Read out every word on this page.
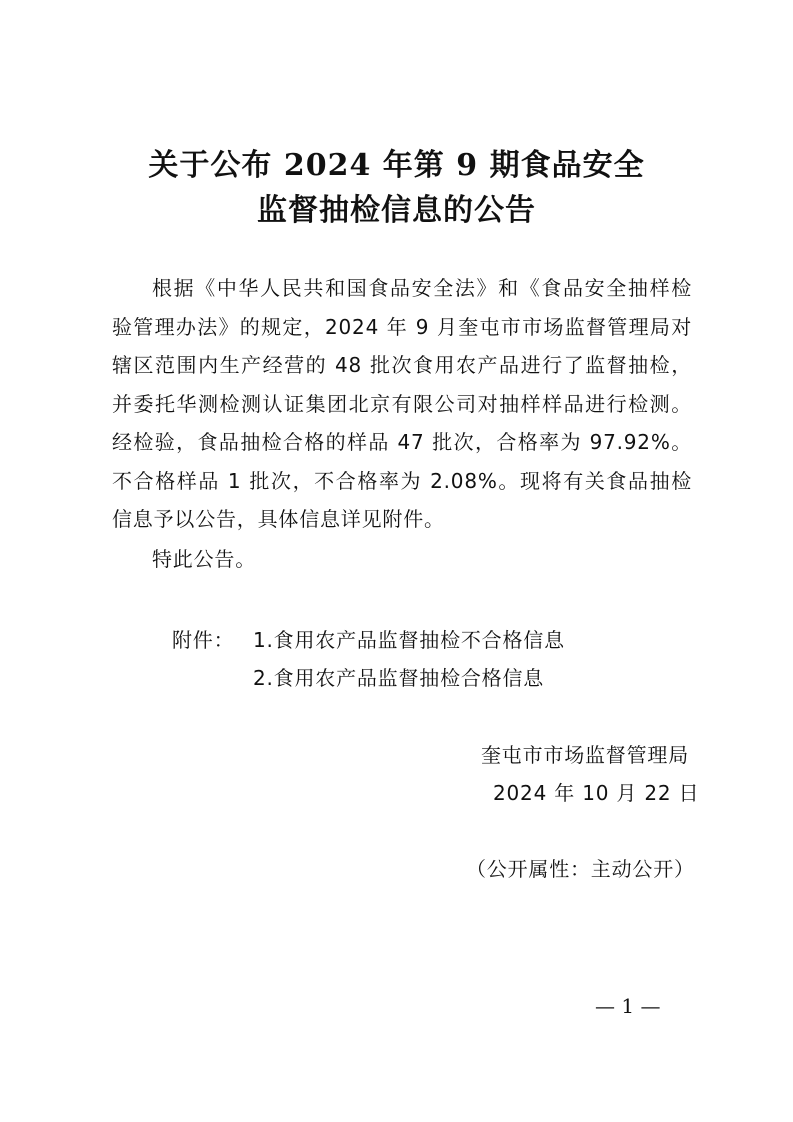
关于公布 2024 年第 9 期食品安全
监督抽检信息的公告

根据《中华人民共和国食品安全法》和《食品安全抽样检验管理办法》的规定，2024 年 9 月奎屯市市场监督管理局对辖区范围内生产经营的 48 批次食用农产品进行了监督抽检，并委托华测检测认证集团北京有限公司对抽样样品进行检测。经检验，食品抽检合格的样品 47 批次，合格率为 97.92%。不合格样品 1 批次，不合格率为 2.08%。现将有关食品抽检信息予以公告，具体信息详见附件。

特此公告。

附件： 1.食用农产品监督抽检不合格信息
2.食用农产品监督抽检合格信息
奎屯市市场监督管理局
2024 年 10 月 22 日
（公开属性：主动公开）
— 1 —
